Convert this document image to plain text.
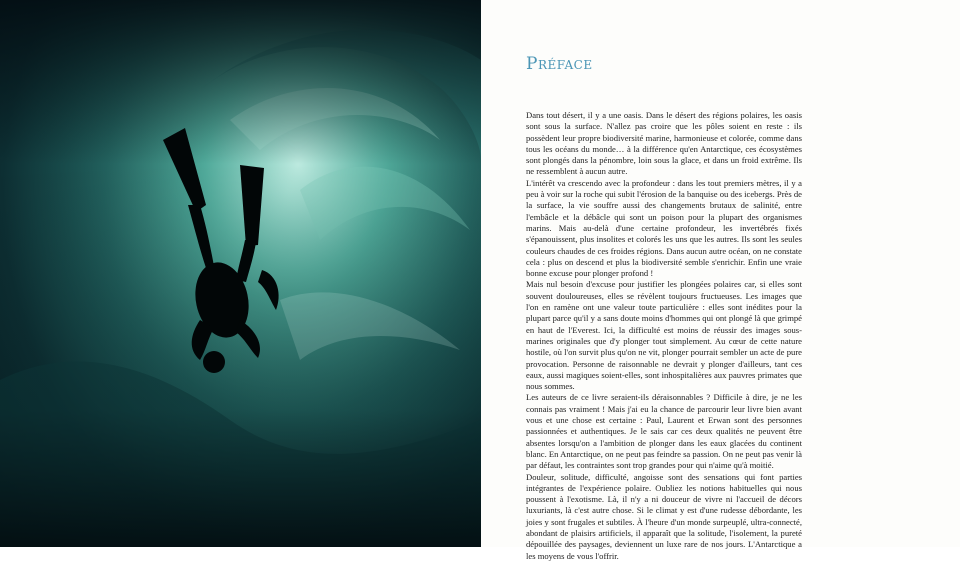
Préface

Dans tout désert, il y a une oasis. Dans le désert des régions polaires, les oasis sont sous la surface. N'allez pas croire que les pôles soient en reste : ils possèdent leur propre biodiversité marine, harmonieuse et colorée, comme dans tous les océans du monde… à la différence qu'en Antarctique, ces écosystèmes sont plongés dans la pénombre, loin sous la glace, et dans un froid extrême. Ils ne ressemblent à aucun autre.

L'intérêt va crescendo avec la profondeur : dans les tout premiers mètres, il y a peu à voir sur la roche qui subit l'érosion de la banquise ou des icebergs. Près de la surface, la vie souffre aussi des changements brutaux de salinité, entre l'embâcle et la débâcle qui sont un poison pour la plupart des organismes marins. Mais au-delà d'une certaine profondeur, les invertébrés fixés s'épanouissent, plus insolites et colorés les uns que les autres. Ils sont les seules couleurs chaudes de ces froides régions. Dans aucun autre océan, on ne constate cela : plus on descend et plus la biodiversité semble s'enrichir. Enfin une vraie bonne excuse pour plonger profond !

Mais nul besoin d'excuse pour justifier les plongées polaires car, si elles sont souvent douloureuses, elles se révèlent toujours fructueuses. Les images que l'on en ramène ont une valeur toute particulière : elles sont inédites pour la plupart parce qu'il y a sans doute moins d'hommes qui ont plongé là que grimpé en haut de l'Everest. Ici, la difficulté est moins de réussir des images sous-marines originales que d'y plonger tout simplement. Au cœur de cette nature hostile, où l'on survit plus qu'on ne vit, plonger pourrait sembler un acte de pure provocation. Personne de raisonnable ne devrait y plonger d'ailleurs, tant ces eaux, aussi magiques soient-elles, sont inhospitalières aux pauvres primates que nous sommes.

Les auteurs de ce livre seraient-ils déraisonnables ? Difficile à dire, je ne les connais pas vraiment ! Mais j'ai eu la chance de parcourir leur livre bien avant vous et une chose est certaine : Paul, Laurent et Erwan sont des personnes passionnées et authentiques. Je le sais car ces deux qualités ne peuvent être absentes lorsqu'on a l'ambition de plonger dans les eaux glacées du continent blanc. En Antarctique, on ne peut pas feindre sa passion. On ne peut pas venir là par défaut, les contraintes sont trop grandes pour qui n'aime qu'à moitié.

Douleur, solitude, difficulté, angoisse sont des sensations qui font parties intégrantes de l'expérience polaire. Oubliez les notions habituelles qui nous poussent à l'exotisme. Là, il n'y a ni douceur de vivre ni l'accueil de décors luxuriants, là c'est autre chose. Si le climat y est d'une rudesse débordante, les joies y sont frugales et subtiles. À l'heure d'un monde surpeuplé, ultra-connecté, abondant de plaisirs artificiels, il apparaît que la solitude, l'isolement, la pureté dépouillée des paysages, deviennent un luxe rare de nos jours. L'Antarctique a les moyens de vous l'offrir.
